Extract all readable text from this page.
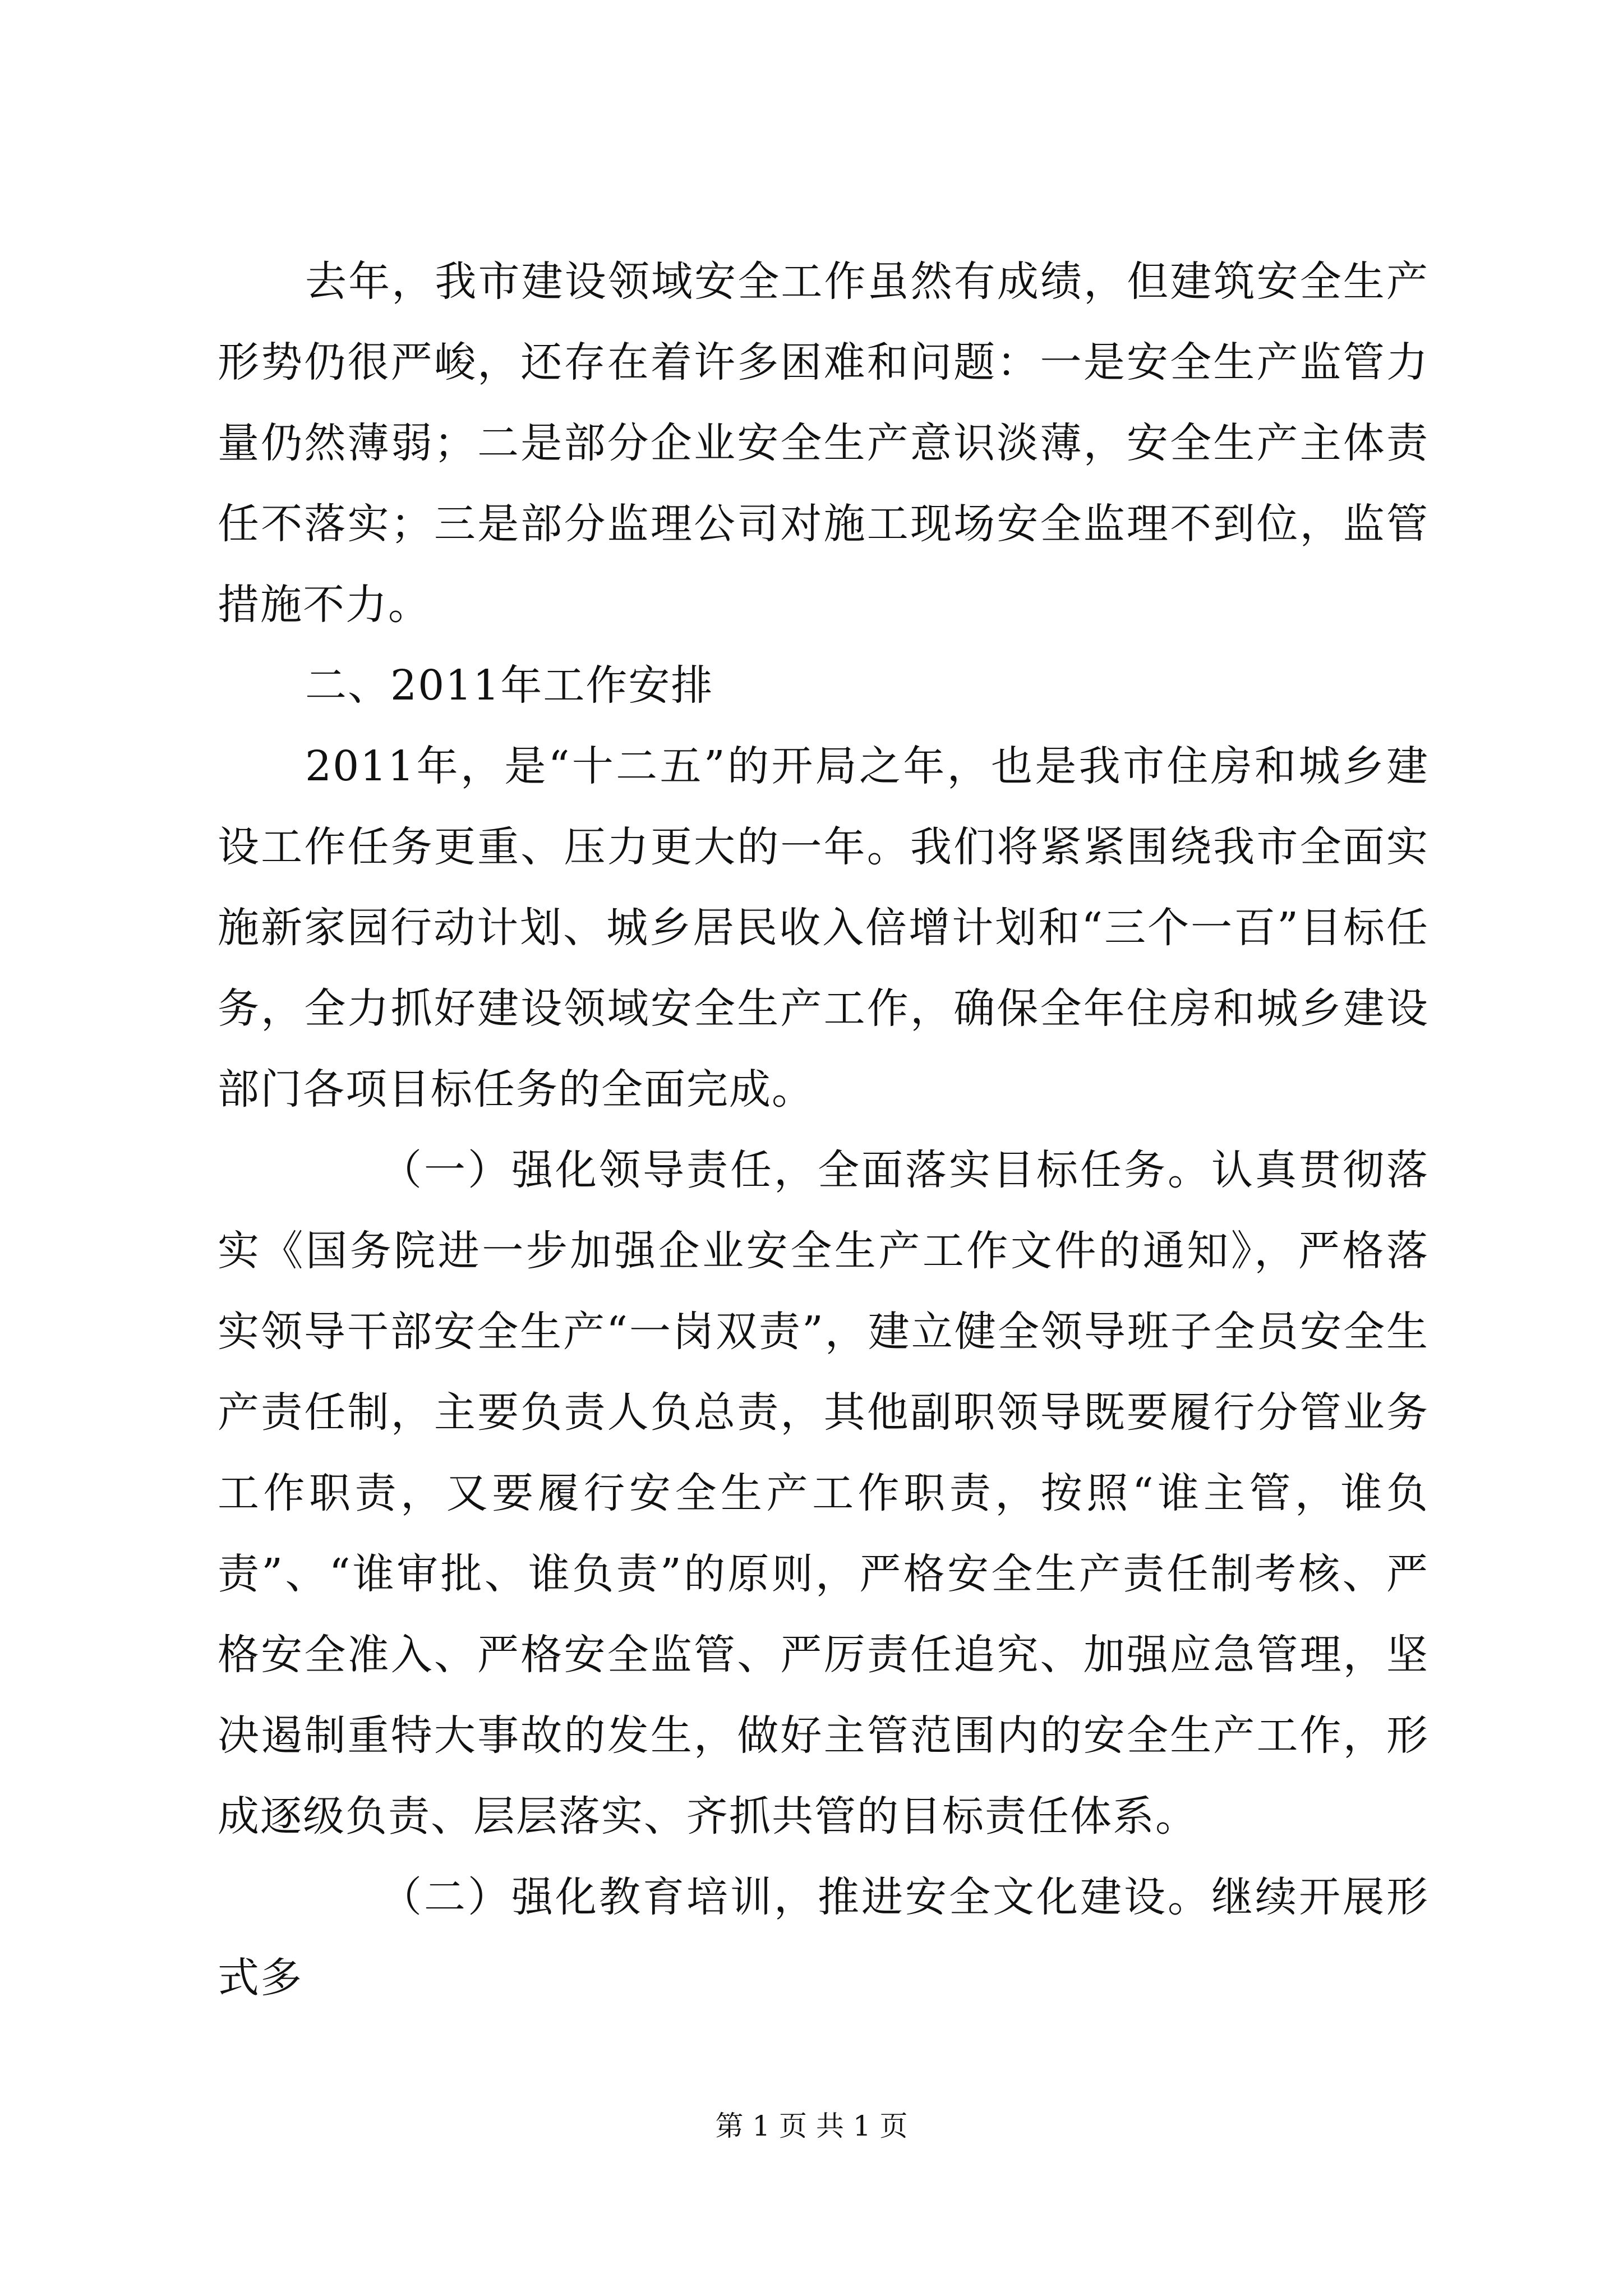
去年，我市建设领域安全工作虽然有成绩，但建筑安全生产形势仍很严峻，还存在着许多困难和问题：一是安全生产监管力量仍然薄弱；二是部分企业安全生产意识淡薄，安全生产主体责任不落实；三是部分监理公司对施工现场安全监理不到位，监管措施不力。

二、2011年工作安排

2011年，是“十二五”的开局之年，也是我市住房和城乡建设工作任务更重、压力更大的一年。我们将紧紧围绕我市全面实施新家园行动计划、城乡居民收入倍增计划和“三个一百”目标任务，全力抓好建设领域安全生产工作，确保全年住房和城乡建设部门各项目标任务的全面完成。

（一）强化领导责任，全面落实目标任务。认真贯彻落实《国务院进一步加强企业安全生产工作文件的通知》，严格落实领导干部安全生产“一岗双责”，建立健全领导班子全员安全生产责任制，主要负责人负总责，其他副职领导既要履行分管业务工作职责，又要履行安全生产工作职责，按照“谁主管，谁负责”、“谁审批、谁负责”的原则，严格安全生产责任制考核、严格安全准入、严格安全监管、严厉责任追究、加强应急管理，坚决遏制重特大事故的发生，做好主管范围内的安全生产工作，形成逐级负责、层层落实、齐抓共管的目标责任体系。

（二）强化教育培训，推进安全文化建设。继续开展形式多

第 1 页 共 1 页
